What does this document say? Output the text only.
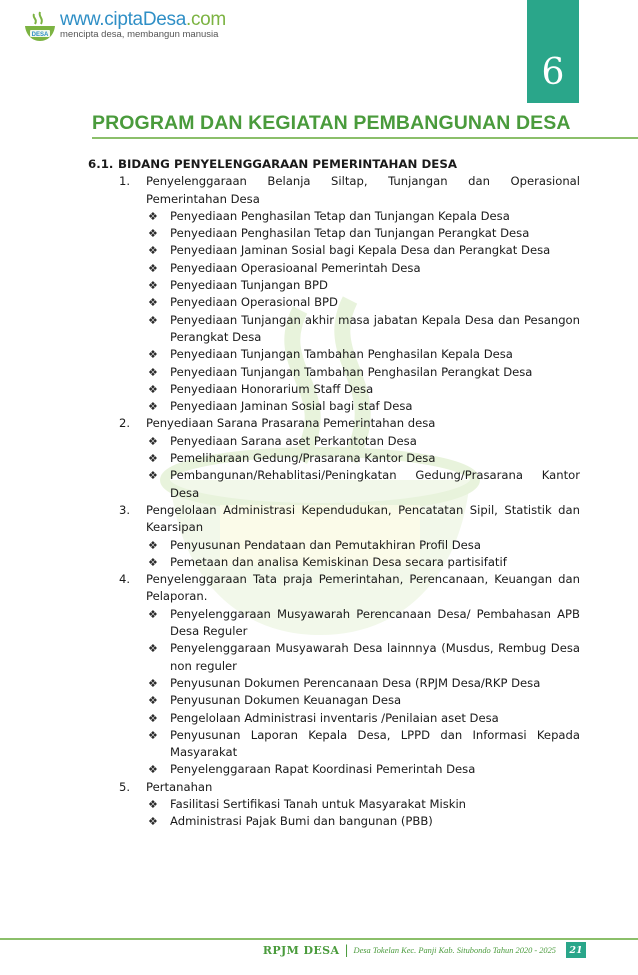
DESA
www.ciptaDesa.com
mencipta desa, membangun manusia
6
PROGRAM DAN KEGIATAN PEMBANGUNAN DESA
6.1. BIDANG PENYELENGGARAAN PEMERINTAHAN DESA
1.	Penyelenggaraan Belanja Siltap, Tunjangan dan Operasional Pemerintahan Desa
❖	Penyediaan Penghasilan Tetap dan Tunjangan Kepala Desa
❖	Penyediaan Penghasilan Tetap dan Tunjangan Perangkat Desa
❖	Penyediaan Jaminan Sosial bagi Kepala Desa dan Perangkat Desa
❖	Penyediaan Operasioanal Pemerintah Desa
❖	Penyediaan Tunjangan BPD
❖	Penyediaan Operasional BPD
❖	Penyediaan Tunjangan akhir masa jabatan Kepala Desa dan Pesangon Perangkat Desa
❖	Penyediaan Tunjangan Tambahan Penghasilan Kepala Desa
❖	Penyediaan Tunjangan Tambahan Penghasilan Perangkat Desa
❖	Penyediaan Honorarium Staff Desa
❖	Penyediaan Jaminan Sosial bagi staf Desa
2.	Penyediaan Sarana Prasarana Pemerintahan desa
❖	Penyediaan Sarana aset Perkantotan Desa
❖	Pemeliharaan Gedung/Prasarana Kantor Desa
❖	Pembangunan/Rehablitasi/Peningkatan Gedung/Prasarana Kantor Desa
3.	Pengelolaan Administrasi Kependudukan, Pencatatan Sipil, Statistik dan Kearsipan
❖	Penyusunan Pendataan dan Pemutakhiran Profil Desa
❖	Pemetaan dan analisa Kemiskinan Desa secara partisifatif
4.	Penyelenggaraan Tata praja Pemerintahan, Perencanaan, Keuangan dan Pelaporan.
❖	Penyelenggaraan Musyawarah Perencanaan Desa/ Pembahasan APB Desa Reguler
❖	Penyelenggaraan Musyawarah Desa lainnnya (Musdus, Rembug Desa non reguler
❖	Penyusunan Dokumen Perencanaan Desa (RPJM Desa/RKP Desa
❖	Penyusunan Dokumen Keuanagan Desa
❖	Pengelolaan Administrasi inventaris /Penilaian aset Desa
❖	Penyusunan Laporan Kepala Desa, LPPD dan Informasi Kepada Masyarakat
❖	Penyelenggaraan Rapat Koordinasi Pemerintah Desa
5.	Pertanahan
❖	Fasilitasi Sertifikasi Tanah untuk Masyarakat Miskin
❖	Administrasi Pajak Bumi dan bangunan (PBB)
RPJM DESA | Desa Tokelan Kec. Panji Kab. Situbondo Tahun 2020 - 2025	21
